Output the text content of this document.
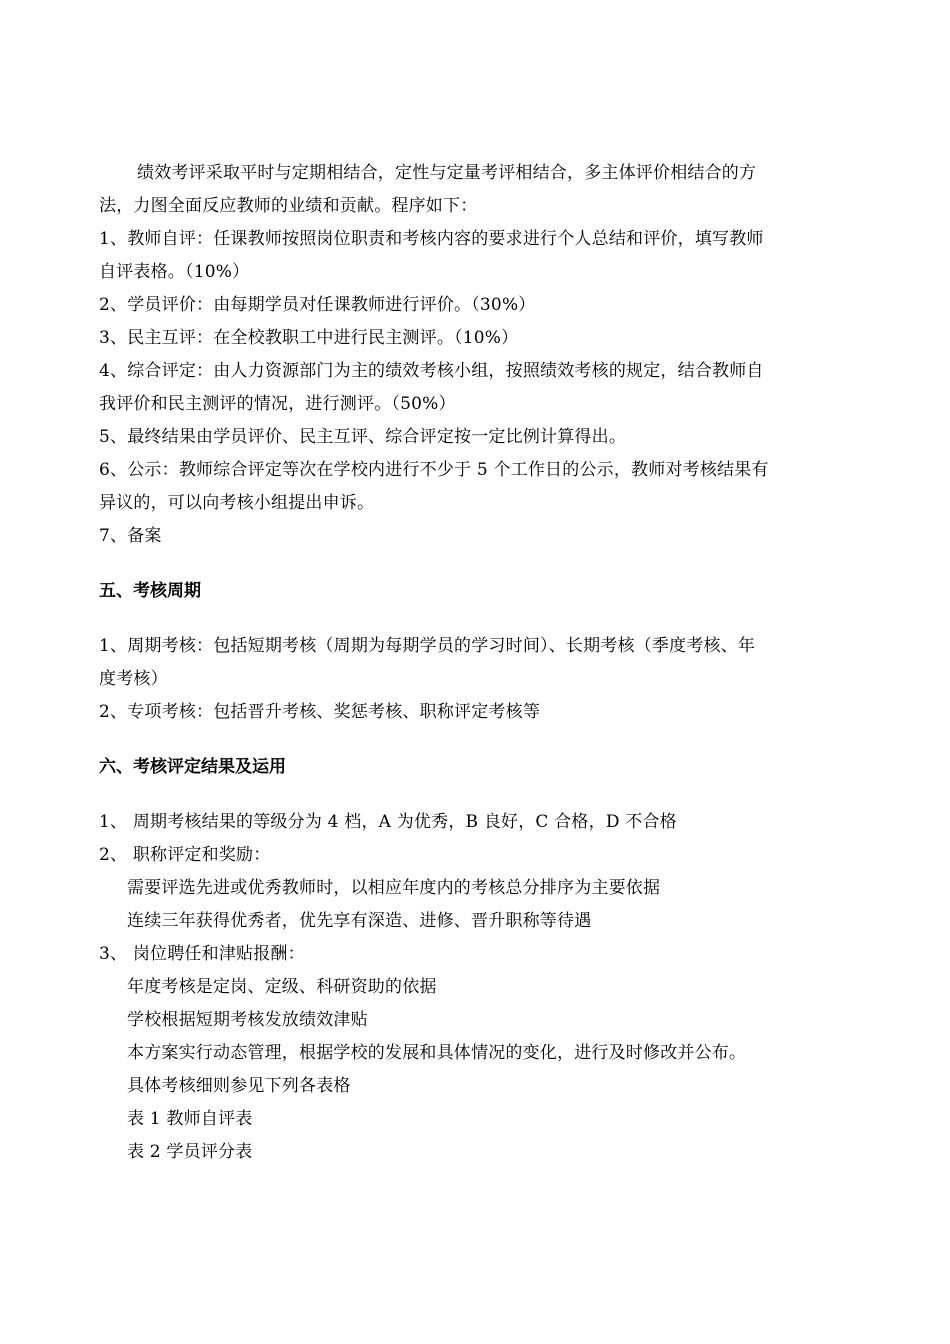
绩效考评采取平时与定期相结合，定性与定量考评相结合，多主体评价相结合的方
法，力图全面反应教师的业绩和贡献。程序如下：
1、教师自评：任课教师按照岗位职责和考核内容的要求进行个人总结和评价，填写教师
自评表格。（10%）
2、学员评价：由每期学员对任课教师进行评价。（30%）
3、民主互评：在全校教职工中进行民主测评。（10%）
4、综合评定：由人力资源部门为主的绩效考核小组，按照绩效考核的规定，结合教师自
我评价和民主测评的情况，进行测评。（50%）
5、最终结果由学员评价、民主互评、综合评定按一定比例计算得出。
6、公示：教师综合评定等次在学校内进行不少于 5 个工作日的公示，教师对考核结果有
异议的，可以向考核小组提出申诉。
7、备案
五、考核周期
1、周期考核：包括短期考核（周期为每期学员的学习时间）、长期考核（季度考核、年
度考核）
2、专项考核：包括晋升考核、奖惩考核、职称评定考核等
六、考核评定结果及运用
1、 周期考核结果的等级分为 4 档，A 为优秀，B 良好，C 合格，D 不合格
2、 职称评定和奖励：
需要评选先进或优秀教师时，以相应年度内的考核总分排序为主要依据
连续三年获得优秀者，优先享有深造、进修、晋升职称等待遇
3、 岗位聘任和津贴报酬：
年度考核是定岗、定级、科研资助的依据
学校根据短期考核发放绩效津贴
本方案实行动态管理，根据学校的发展和具体情况的变化，进行及时修改并公布。
具体考核细则参见下列各表格
表 1 教师自评表
表 2 学员评分表
